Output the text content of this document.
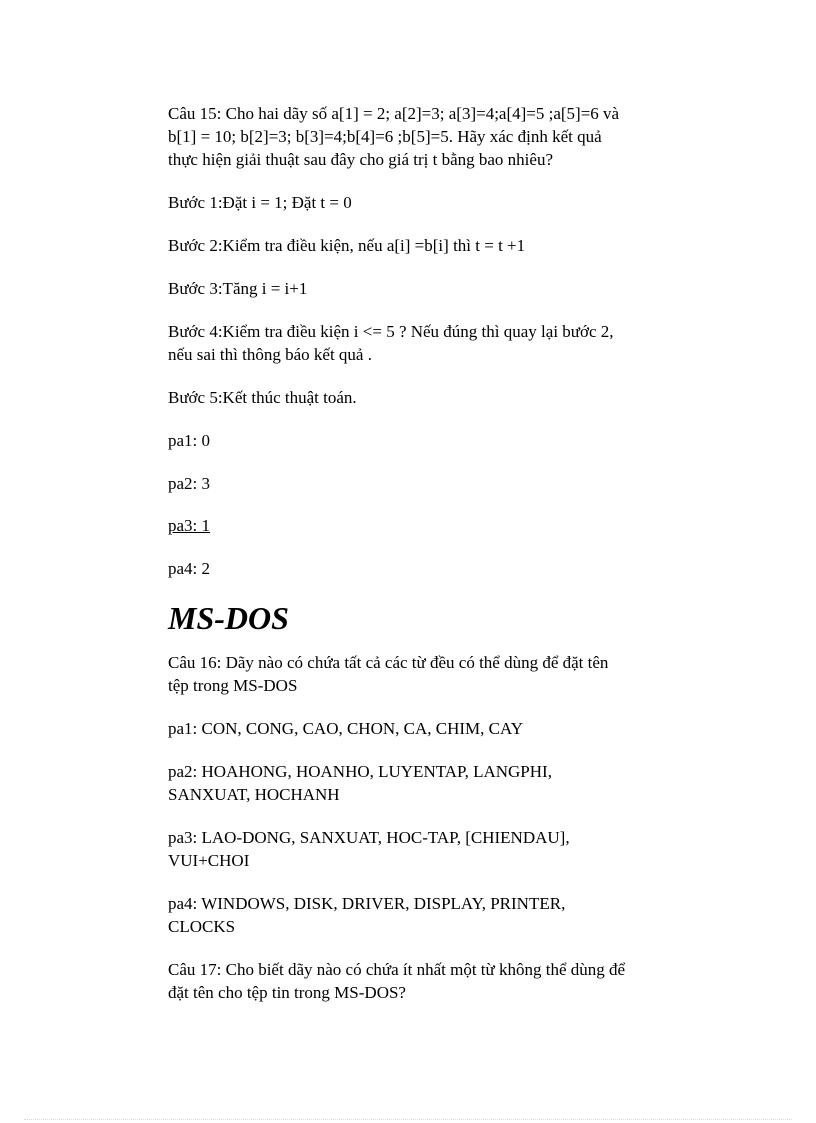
Câu 15: Cho hai dãy số a[1] = 2; a[2]=3; a[3]=4;a[4]=5 ;a[5]=6 và
b[1] = 10; b[2]=3; b[3]=4;b[4]=6 ;b[5]=5. Hãy xác định kết quả
thực hiện giải thuật sau đây cho giá trị t bằng bao nhiêu?
Bước 1:Đặt i = 1; Đặt t = 0
Bước 2:Kiểm tra điều kiện, nếu a[i] =b[i] thì t = t +1
Bước 3:Tăng i = i+1
Bước 4:Kiểm tra điều kiện i <= 5 ? Nếu đúng thì quay lại bước 2,
nếu sai thì thông báo kết quả .
Bước 5:Kết thúc thuật toán.
pa1: 0
pa2: 3
pa3: 1
pa4: 2
MS-DOS
Câu 16: Dãy nào có chứa tất cả các từ đều có thể dùng để đặt tên
tệp trong MS-DOS
pa1: CON, CONG, CAO, CHON, CA, CHIM, CAY
pa2: HOAHONG, HOANHO, LUYENTAP, LANGPHI,
SANXUAT, HOCHANH
pa3: LAO-DONG, SANXUAT, HOC-TAP, [CHIENDAU],
VUI+CHOI
pa4: WINDOWS, DISK, DRIVER, DISPLAY, PRINTER,
CLOCKS
Câu 17: Cho biết dãy nào có chứa ít nhất một từ không thể dùng để
đặt tên cho tệp tin trong MS-DOS?
